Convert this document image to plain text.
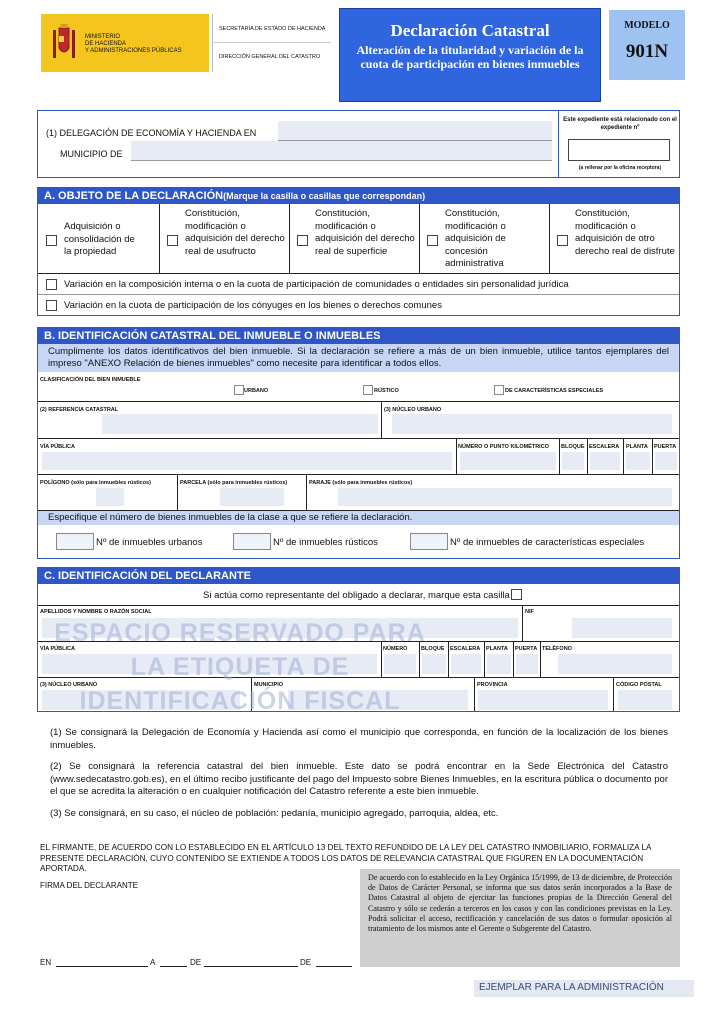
MINISTERIO
DE HACIENDA
Y ADMINISTRACIONES PÚBLICAS
SECRETARÍA DE ESTADO DE HACIENDA
DIRECCIÓN GENERAL DEL CATASTRO
Declaración Catastral
Alteración de la titularidad y variación de la cuota de participación en bienes inmuebles
MODELO
901N
(1) DELEGACIÓN DE ECONOMÍA Y HACIENDA EN
MUNICIPIO DE
Este expediente está relacionado con el expediente nº
(a rellenar por la oficina receptora)
A. OBJETO DE LA DECLARACIÓN(Marque la casilla o casillas que correspondan)
Adquisición o consolidación de la propiedad
Constitución, modificación o adquisición del derecho real de usufructo
Constitución, modificación o adquisición del derecho real de superficie
Constitución, modificación o adquisición de concesión administrativa
Constitución, modificación o adquisición de otro derecho real de disfrute
Variación en la composición interna o en la cuota de participación de comunidades o entidades sin personalidad jurídica
Variación en la cuota de participación de los cónyuges en los bienes o derechos comunes
B. IDENTIFICACIÓN CATASTRAL DEL INMUEBLE O INMUEBLES
Cumplimente los datos identificativos del bien inmueble. Si la declaración se refiere a más de un bien inmueble, utilice tantos ejemplares del impreso "ANEXO Relación de bienes inmuebles" como necesite para identificar a todos ellos.
CLASIFICACIÓN DEL BIEN INMUEBLE
URBANO	RÚSTICO	DE CARACTERÍSTICAS ESPECIALES
(2) REFERENCIA CATASTRAL	(3) NÚCLEO URBANO
VÍA PÚBLICA	NÚMERO O PUNTO KILOMÉTRICO BLOQUE ESCALERA PLANTA PUERTA
POLÍGONO (sólo para inmuebles rústicos)	PARCELA (sólo para inmuebles rústicos)	PARAJE (sólo para inmuebles rústicos)
Especifique el número de bienes inmuebles de la clase a que se refiere la declaración.
Nº de inmuebles urbanos	Nº de inmuebles rústicos	Nº de inmuebles de características especiales
C. IDENTIFICACIÓN DEL DECLARANTE
Si actúa como representante del obligado a declarar, marque esta casilla
APELLIDOS Y NOMBRE O RAZÓN SOCIAL	NIF
VÍA PÚBLICA	NÚMERO BLOQUE ESCALERA PLANTA PUERTA TELÉFONO
(3) NÚCLEO URBANO	MUNICIPIO	PROVINCIA	CÓDIGO POSTAL
ESPACIO RESERVADO PARA
LA ETIQUETA DE
IDENTIFICACIÓN FISCAL

(1) Se consignará la Delegación de Economía y Hacienda así como el municipio que corresponda, en función de la localización de los bienes inmuebles.

(2) Se consignará la referencia catastral del bien inmueble. Este dato se podrá encontrar en la Sede Electrónica del Catastro (www.sedecatastro.gob.es), en el último recibo justificante del pago del Impuesto sobre Bienes Inmuebles, en la escritura pública o documento por el que se acredita la alteración o en cualquier notificación del Catastro referente a este bien inmueble.

(3) Se consignará, en su caso, el núcleo de población: pedanía, municipio agregado, parroquia, aldea, etc.

EL FIRMANTE, DE ACUERDO CON LO ESTABLECIDO EN EL ARTÍCULO 13 DEL TEXTO REFUNDIDO DE LA LEY DEL CATASTRO INMOBILIARIO, FORMALIZA LA PRESENTE DECLARACIÓN, CUYO CONTENIDO SE EXTIENDE A TODOS LOS DATOS DE RELEVANCIA CATASTRAL QUE FIGUREN EN LA DOCUMENTACIÓN APORTADA.
FIRMA DEL DECLARANTE
De acuerdo con lo establecido en la Ley Orgánica 15/1999, de 13 de diciembre, de Protección de Datos de Carácter Personal, se informa que sus datos serán incorporados a la Base de Datos Catastral al objeto de ejercitar las funciones propias de la Dirección General del Catastro y sólo se cederán a terceros en los casos y con las condiciones previstas en la Ley. Podrá solicitar el acceso, rectificación y cancelación de sus datos o formular oposición al tratamiento de los mismos ante el Gerente o Subgerente del Catastro.
EN	A	DE	DE
EJEMPLAR PARA LA ADMINISTRACIÓN
